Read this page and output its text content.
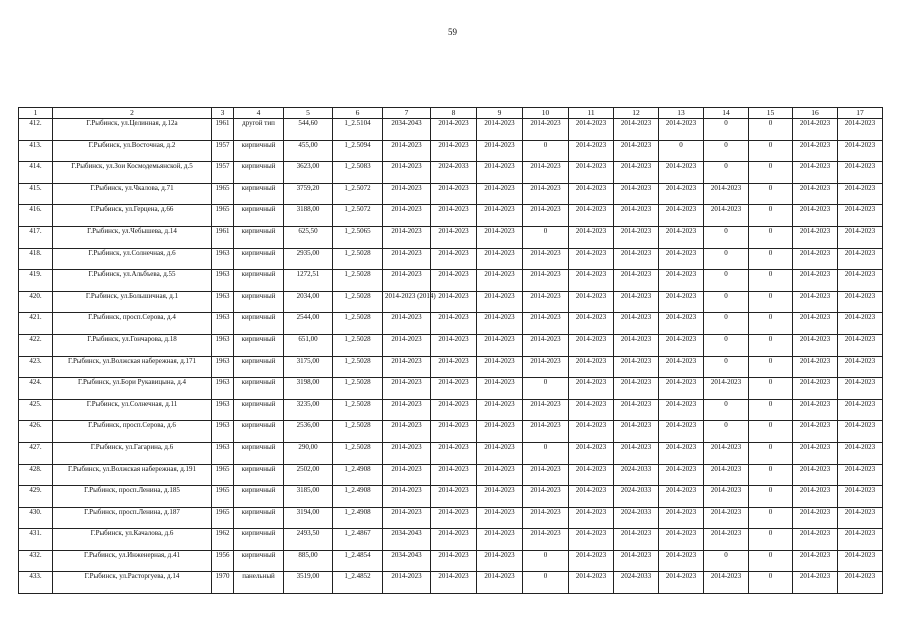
59
1	2	3	4	5	6	7	8	9	10	11	12	13	14	15	16	17
412.	Г.Рыбинск, ул.Целинная, д.12а	1961	другой тип	544,60	1_2.5104	2034-2043	2014-2023	2014-2023	2014-2023	2014-2023	2014-2023	2014-2023	0	0	2014-2023	2014-2023
413.	Г.Рыбинск, ул.Восточная, д.2	1957	кирпичный	455,00	1_2.5094	2014-2023	2014-2023	2014-2023	0	2014-2023	2014-2023	0	0	0	2014-2023	2014-2023
414.	Г.Рыбинск, ул.Зои Космодемьянской, д.5	1957	кирпичный	3623,00	1_2.5083	2014-2023	2024-2033	2014-2023	2014-2023	2014-2023	2014-2023	2014-2023	0	0	2014-2023	2014-2023
415.	Г.Рыбинск, ул.Чкалова, д.71	1965	кирпичный	3759,20	1_2.5072	2014-2023	2014-2023	2014-2023	2014-2023	2014-2023	2014-2023	2014-2023	2014-2023	0	2014-2023	2014-2023
416.	Г.Рыбинск, ул.Герцена, д.66	1965	кирпичный	3188,00	1_2.5072	2014-2023	2014-2023	2014-2023	2014-2023	2014-2023	2014-2023	2014-2023	2014-2023	0	2014-2023	2014-2023
417.	Г.Рыбинск, ул.Чебышева, д.14	1961	кирпичный	625,50	1_2.5065	2014-2023	2014-2023	2014-2023	0	2014-2023	2014-2023	2014-2023	0	0	2014-2023	2014-2023
418.	Г.Рыбинск, ул.Солнечная, д.6	1963	кирпичный	2935,00	1_2.5028	2014-2023	2014-2023	2014-2023	2014-2023	2014-2023	2014-2023	2014-2023	0	0	2014-2023	2014-2023
419.	Г.Рыбинск, ул.Альбъева, д.55	1963	кирпичный	1272,51	1_2.5028	2014-2023	2014-2023	2014-2023	2014-2023	2014-2023	2014-2023	2014-2023	0	0	2014-2023	2014-2023
420.	Г.Рыбинск, ул.Большичная, д.1	1963	кирпичный	2034,00	1_2.5028	2014-2023 (2014)	2014-2023	2014-2023	2014-2023	2014-2023	2014-2023	2014-2023	0	0	2014-2023	2014-2023
421.	Г.Рыбинск, просп.Серова, д.4	1963	кирпичный	2544,00	1_2.5028	2014-2023	2014-2023	2014-2023	2014-2023	2014-2023	2014-2023	2014-2023	0	0	2014-2023	2014-2023
422.	Г.Рыбинск, ул.Гончарова, д.18	1963	кирпичный	651,00	1_2.5028	2014-2023	2014-2023	2014-2023	2014-2023	2014-2023	2014-2023	2014-2023	0	0	2014-2023	2014-2023
423.	Г.Рыбинск, ул.Волжская набережная, д.171	1963	кирпичный	3175,00	1_2.5028	2014-2023	2014-2023	2014-2023	2014-2023	2014-2023	2014-2023	2014-2023	0	0	2014-2023	2014-2023
424.	Г.Рыбинск, ул.Бори Рукавицына, д.4	1963	кирпичный	3198,00	1_2.5028	2014-2023	2014-2023	2014-2023	0	2014-2023	2014-2023	2014-2023	2014-2023	0	2014-2023	2014-2023
425.	Г.Рыбинск, ул.Солнечная, д.11	1963	кирпичный	3235,00	1_2.5028	2014-2023	2014-2023	2014-2023	2014-2023	2014-2023	2014-2023	2014-2023	0	0	2014-2023	2014-2023
426.	Г.Рыбинск, просп.Серова, д.6	1963	кирпичный	2536,00	1_2.5028	2014-2023	2014-2023	2014-2023	2014-2023	2014-2023	2014-2023	2014-2023	0	0	2014-2023	2014-2023
427.	Г.Рыбинск, ул.Гагарина, д.6	1963	кирпичный	290,00	1_2.5028	2014-2023	2014-2023	2014-2023	0	2014-2023	2014-2023	2014-2023	2014-2023	0	2014-2023	2014-2023
428.	Г.Рыбинск, ул.Волжская набережная, д.191	1965	кирпичный	2502,00	1_2.4908	2014-2023	2014-2023	2014-2023	2014-2023	2014-2023	2024-2033	2014-2023	2014-2023	0	2014-2023	2014-2023
429.	Г.Рыбинск, просп.Ленина, д.185	1965	кирпичный	3185,00	1_2.4908	2014-2023	2014-2023	2014-2023	2014-2023	2014-2023	2024-2033	2014-2023	2014-2023	0	2014-2023	2014-2023
430.	Г.Рыбинск, просп.Ленина, д.187	1965	кирпичный	3194,00	1_2.4908	2014-2023	2014-2023	2014-2023	2014-2023	2014-2023	2024-2033	2014-2023	2014-2023	0	2014-2023	2014-2023
431.	Г.Рыбинск, ул.Качалова, д.6	1962	кирпичный	2493,50	1_2.4867	2034-2043	2014-2023	2014-2023	2014-2023	2014-2023	2014-2023	2014-2023	2014-2023	0	2014-2023	2014-2023
432.	Г.Рыбинск, ул.Инженерная, д.41	1956	кирпичный	885,00	1_2.4854	2034-2043	2014-2023	2014-2023	0	2014-2023	2014-2023	2014-2023	0	0	2014-2023	2014-2023
433.	Г.Рыбинск, ул.Расторгуева, д.14	1970	панельный	3519,00	1_2.4852	2014-2023	2014-2023	2014-2023	0	2014-2023	2024-2033	2014-2023	2014-2023	0	2014-2023	2014-2023
